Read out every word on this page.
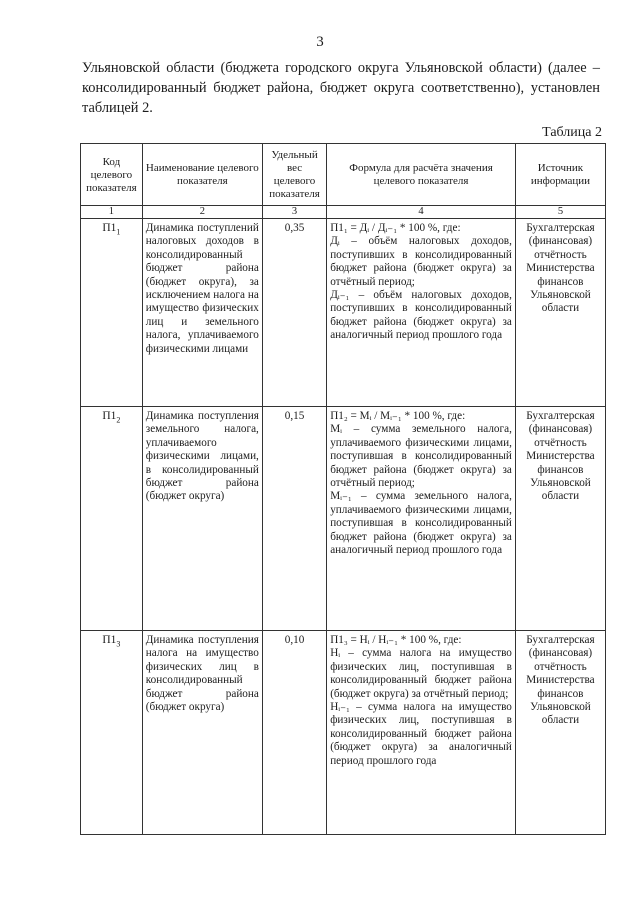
3

Ульяновской области (бюджета городского округа Ульяновской области) (далее – консолидированный бюджет района, бюджет округа соответственно), установлен таблицей 2.

Таблица 2
Код целевого показателя	Наименование целевого показателя	Удельный вес целевого показателя	Формула для расчёта значения целевого показателя	Источник информации
1	2	3	4	5
$П1_1$	Динамика поступлений налоговых доходов в консолидированный бюджет района (бюджет округа), за исключением налога на имущество физических лиц и земельного налога, уплачиваемого физическими лицами	0,35	П1₁ = Дᵢ / Дᵢ₋₁ * 100 %, где:
Дᵢ – объём налоговых доходов, поступивших в консолидированный бюджет района (бюджет округа) за отчётный период;
Дᵢ₋₁ – объём налоговых доходов, поступивших в консолидированный бюджет района (бюджет округа) за аналогичный период прошлого года	Бухгалтерская (финансовая) отчётность Министерства финансов Ульяновской области
$П1_2$	Динамика поступления земельного налога, уплачиваемого физическими лицами, в консолидированный бюджет района (бюджет округа)	0,15	П1₂ = Мᵢ / Мᵢ₋₁ * 100 %, где:
Мᵢ – сумма земельного налога, уплачиваемого физическими лицами, поступившая в консолидированный бюджет района (бюджет округа) за отчётный период;
Мᵢ₋₁ – сумма земельного налога, уплачиваемого физическими лицами, поступившая в консолидированный бюджет района (бюджет округа) за аналогичный период прошлого года	Бухгалтерская (финансовая) отчётность Министерства финансов Ульяновской области
$П1_3$	Динамика поступления налога на имущество физических лиц в консолидированный бюджет района (бюджет округа)	0,10	П1₃ = Нᵢ / Нᵢ₋₁ * 100 %, где:
Нᵢ – сумма налога на имущество физических лиц, поступившая в консолидированный бюджет района (бюджет округа) за отчётный период;
Нᵢ₋₁ – сумма налога на имущество физических лиц, поступившая в консолидированный бюджет района (бюджет округа) за аналогичный период прошлого года	Бухгалтерская (финансовая) отчётность Министерства финансов Ульяновской области
